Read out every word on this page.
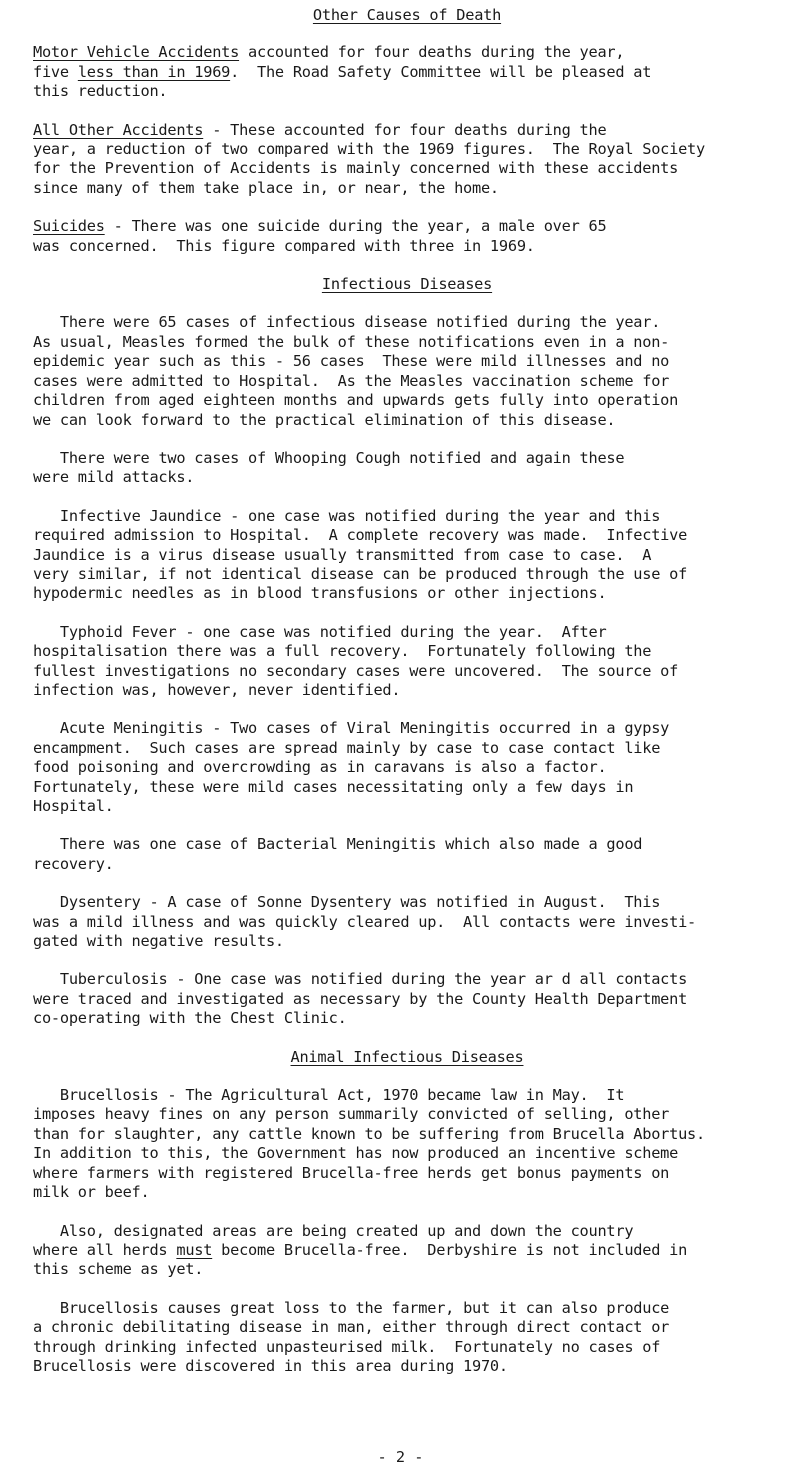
Other Causes of Death

Motor Vehicle Accidents accounted for four deaths during the year,
five less than in 1969.  The Road Safety Committee will be pleased at
this reduction.

All Other Accidents - These accounted for four deaths during the
year, a reduction of two compared with the 1969 figures.  The Royal Society
for the Prevention of Accidents is mainly concerned with these accidents
since many of them take place in, or near, the home.

Suicides - There was one suicide during the year, a male over 65
was concerned.  This figure compared with three in 1969.

Infectious Diseases

There were 65 cases of infectious disease notified during the year.
As usual, Measles formed the bulk of these notifications even in a non-
epidemic year such as this - 56 cases  These were mild illnesses and no
cases were admitted to Hospital.  As the Measles vaccination scheme for
children from aged eighteen months and upwards gets fully into operation
we can look forward to the practical elimination of this disease.

There were two cases of Whooping Cough notified and again these
were mild attacks.

Infective Jaundice - one case was notified during the year and this
required admission to Hospital.  A complete recovery was made.  Infective
Jaundice is a virus disease usually transmitted from case to case.  A
very similar, if not identical disease can be produced through the use of
hypodermic needles as in blood transfusions or other injections.

Typhoid Fever - one case was notified during the year.  After
hospitalisation there was a full recovery.  Fortunately following the
fullest investigations no secondary cases were uncovered.  The source of
infection was, however, never identified.

Acute Meningitis - Two cases of Viral Meningitis occurred in a gypsy
encampment.  Such cases are spread mainly by case to case contact like
food poisoning and overcrowding as in caravans is also a factor.
Fortunately, these were mild cases necessitating only a few days in
Hospital.

There was one case of Bacterial Meningitis which also made a good
recovery.

Dysentery - A case of Sonne Dysentery was notified in August.  This
was a mild illness and was quickly cleared up.  All contacts were investi-
gated with negative results.

Tuberculosis - One case was notified during the year ar d all contacts
were traced and investigated as necessary by the County Health Department
co-operating with the Chest Clinic.

Animal Infectious Diseases

Brucellosis - The Agricultural Act, 1970 became law in May.  It
imposes heavy fines on any person summarily convicted of selling, other
than for slaughter, any cattle known to be suffering from Brucella Abortus.
In addition to this, the Government has now produced an incentive scheme
where farmers with registered Brucella-free herds get bonus payments on
milk or beef.

Also, designated areas are being created up and down the country
where all herds must become Brucella-free.  Derbyshire is not included in
this scheme as yet.

Brucellosis causes great loss to the farmer, but it can also produce
a chronic debilitating disease in man, either through direct contact or
through drinking infected unpasteurised milk.  Fortunately no cases of
Brucellosis were discovered in this area during 1970.

- 2 -
